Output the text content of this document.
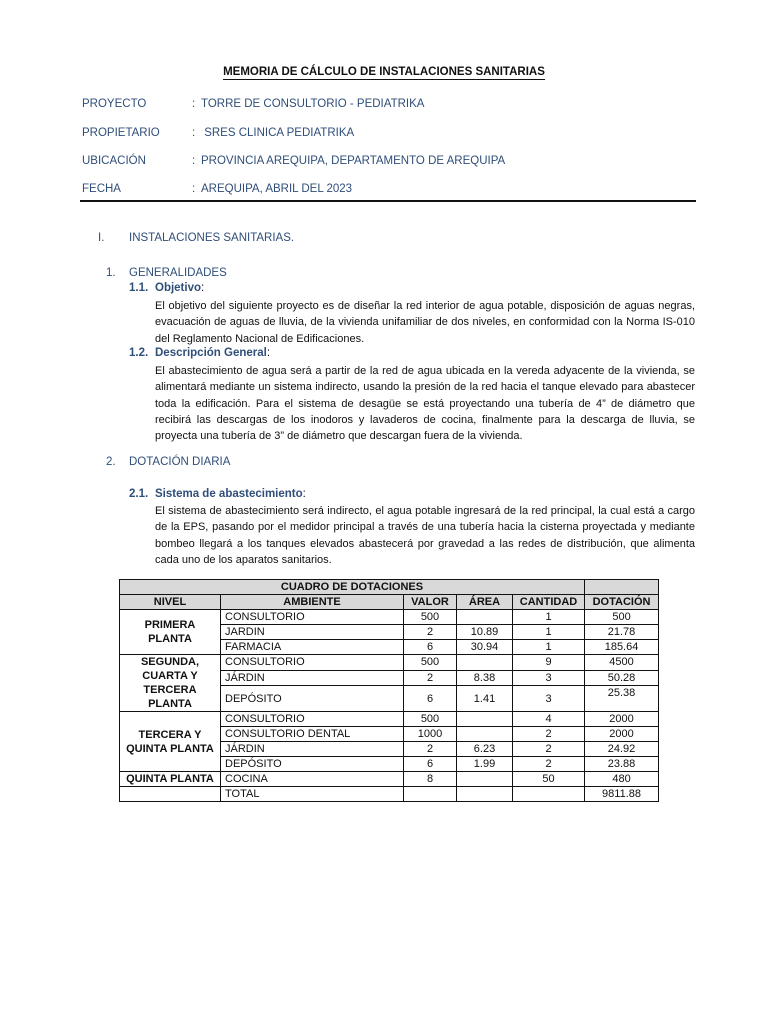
MEMORIA DE CÁLCULO DE INSTALACIONES SANITARIAS
PROYECTO	: TORRE DE CONSULTORIO - PEDIATRIKA
PROPIETARIO	: SRES CLINICA PEDIATRIKA
UBICACIÓN	: PROVINCIA AREQUIPA, DEPARTAMENTO DE AREQUIPA
FECHA	: AREQUIPA, ABRIL DEL 2023
I. INSTALACIONES SANITARIAS.
1. GENERALIDADES
1.1. Objetivo:
El objetivo del siguiente proyecto es de diseñar la red interior de agua potable, disposición de aguas negras, evacuación de aguas de lluvia, de la vivienda unifamiliar de dos niveles, en conformidad con la Norma IS-010 del Reglamento Nacional de Edificaciones.
1.2. Descripción General:
El abastecimiento de agua será a partir de la red de agua ubicada en la vereda adyacente de la vivienda, se alimentará mediante un sistema indirecto, usando la presión de la red hacia el tanque elevado para abastecer toda la edificación. Para el sistema de desagüe se está proyectando una tubería de 4” de diámetro que recibirá las descargas de los inodoros y lavaderos de cocina, finalmente para la descarga de lluvia, se proyecta una tubería de 3” de diámetro que descargan fuera de la vivienda.
2. DOTACIÓN DIARIA
2.1. Sistema de abastecimiento:
El sistema de abastecimiento será indirecto, el agua potable ingresará de la red principal, la cual está a cargo de la EPS, pasando por el medidor principal a través de una tubería hacia la cisterna proyectada y mediante bombeo llegará a los tanques elevados abastecerá por gravedad a las redes de distribución, que alimenta cada uno de los aparatos sanitarios.
CUADRO DE DOTACIONES					
NIVEL	AMBIENTE	VALOR	ÁREA	CANTIDAD	DOTACIÓN
PRIMERA PLANTA	CONSULTORIO	500		1	500
	JARDIN	2	10.89	1	21.78
	FARMACIA	6	30.94	1	185.64
SEGUNDA, CUARTA Y TERCERA PLANTA	CONSULTORIO	500		9	4500
	JÁRDIN	2	8.38	3	50.28
	DEPÓSITO	6	1.41	3	25.38
TERCERA Y QUINTA PLANTA	CONSULTORIO	500		4	2000
	CONSULTORIO DENTAL	1000		2	2000
	JÁRDIN	2	6.23	2	24.92
	DEPÓSITO	6	1.99	2	23.88
QUINTA PLANTA	COCINA	8		50	480
	TOTAL				9811.88
